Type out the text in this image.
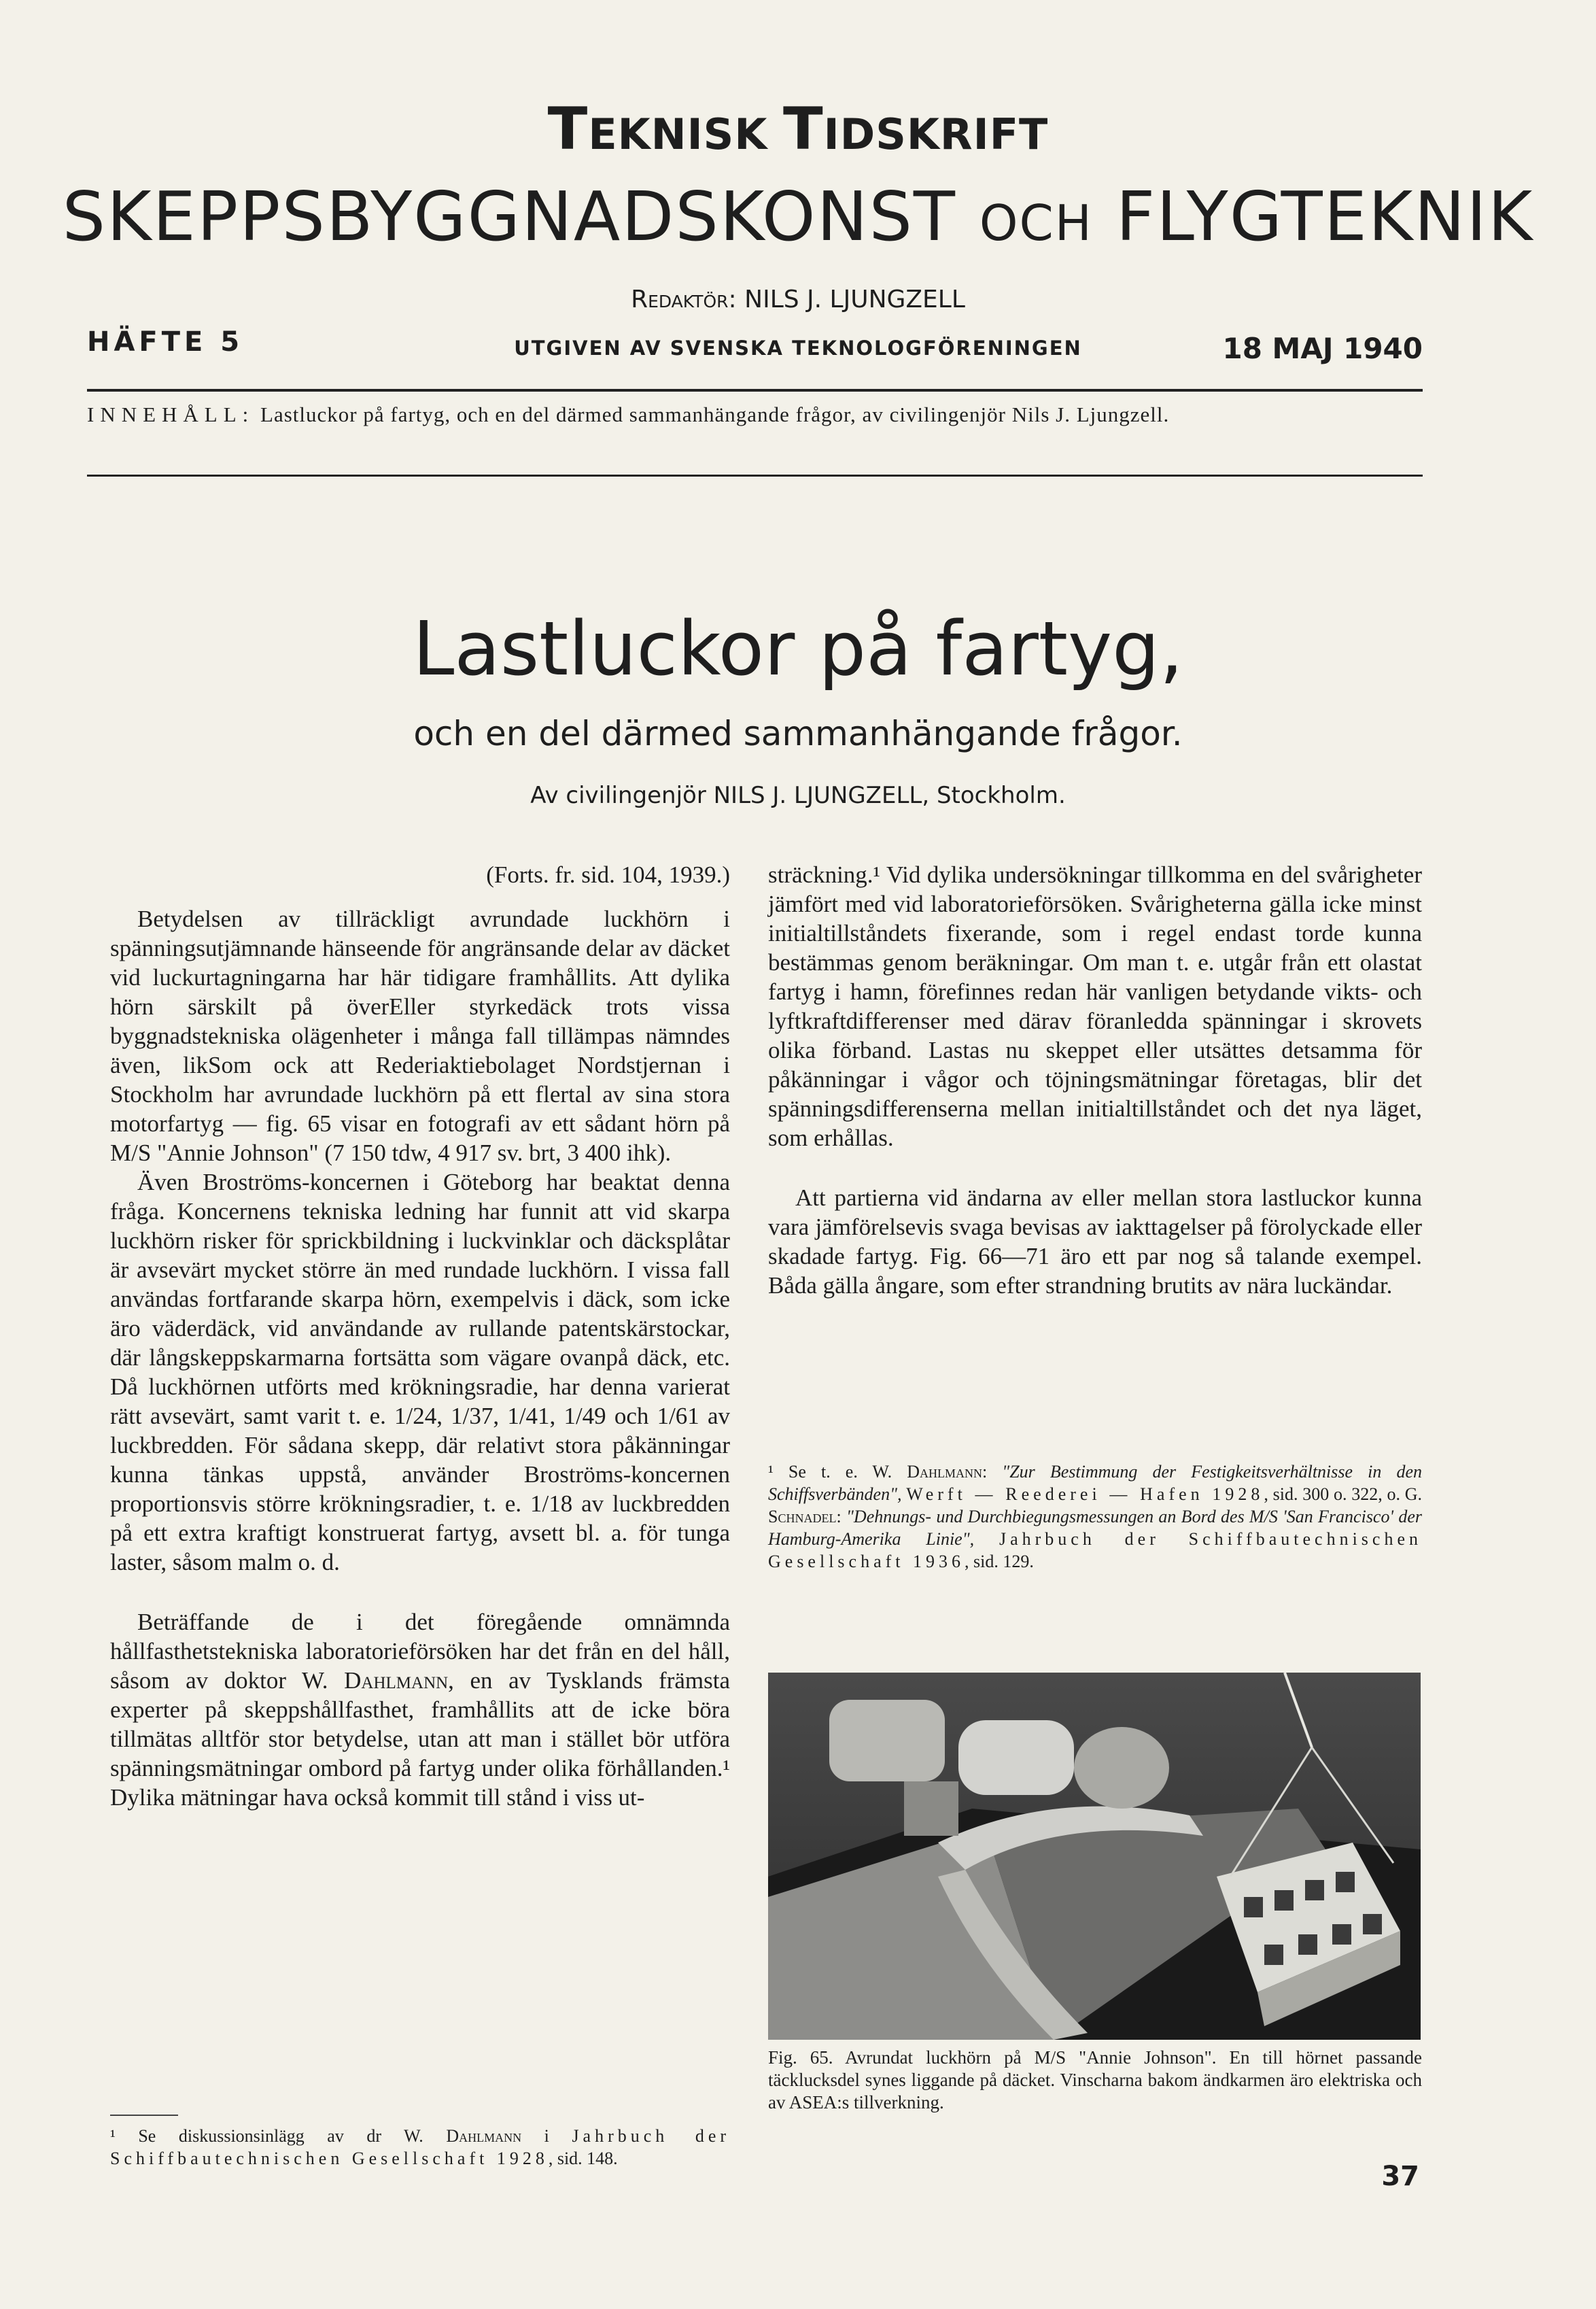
TEKNISK TIDSKRIFT
SKEPPSBYGGNADSKONST OCH FLYGTEKNIK
Redaktör: NILS J. LJUNGZELL
HÄFTE 5	UTGIVEN AV SVENSKA TEKNOLOGFÖRENINGEN	18 MAJ 1940
INNEHÅLL: Lastluckor på fartyg, och en del därmed sammanhängande frågor, av civilingenjör Nils J. Ljungzell.
Lastluckor på fartyg,
och en del därmed sammanhängande frågor.
Av civilingenjör NILS J. LJUNGZELL, Stockholm.

(Forts. fr. sid. 104, 1939.)

Betydelsen av tillräckligt avrundade luckhörn i spänningsutjämnande hänseende för angränsande delar av däcket vid luckurtagningarna har här tidigare framhållits. Att dylika hörn särskilt på överEller styrkedäck trots vissa byggnadstekniska olägenheter i många fall tillämpas nämndes även, likSom ock att Rederiaktiebolaget Nordstjernan i Stockholm har avrundade luckhörn på ett flertal av sina stora motorfartyg — fig. 65 visar en fotografi av ett sådant hörn på M/S "Annie Johnson" (7 150 tdw, 4 917 sv. brt, 3 400 ihk).

Även Broströms-koncernen i Göteborg har beaktat denna fråga. Koncernens tekniska ledning har funnit att vid skarpa luckhörn risker för sprickbildning i luckvinklar och däcksplåtar är avsevärt mycket större än med rundade luckhörn. I vissa fall användas fortfarande skarpa hörn, exempelvis i däck, som icke äro väderdäck, vid användande av rullande patentskärstockar, där långskeppskarmarna fortsätta som vägare ovanpå däck, etc. Då luckhörnen utförts med krökningsradie, har denna varierat rätt avsevärt, samt varit t. e. 1/24, 1/37, 1/41, 1/49 och 1/61 av luckbredden. För sådana skepp, där relativt stora påkänningar kunna tänkas uppstå, använder Broströms-koncernen proportionsvis större krökningsradier, t. e. 1/18 av luckbredden på ett extra kraftigt konstruerat fartyg, avsett bl. a. för tunga laster, såsom malm o. d.

Beträffande de i det föregående omnämnda hållfasthetstekniska laboratorieförsöken har det från en del håll, såsom av doktor W. Dahlmann, en av Tysklands främsta experter på skeppshållfasthet, framhållits att de icke böra tillmätas alltför stor betydelse, utan att man i stället bör utföra spänningsmätningar ombord på fartyg under olika förhållanden.¹ Dylika mätningar hava också kommit till stånd i viss ut-

sträckning.¹ Vid dylika undersökningar tillkomma en del svårigheter jämfört med vid laboratorieförsöken. Svårigheterna gälla icke minst initialtillståndets fixerande, som i regel endast torde kunna bestämmas genom beräkningar. Om man t. e. utgår från ett olastat fartyg i hamn, förefinnes redan här vanligen betydande vikts- och lyftkraftdifferenser med därav föranledda spänningar i skrovets olika förband. Lastas nu skeppet eller utsättes detsamma för påkänningar i vågor och töjningsmätningar företagas, blir det spänningsdifferenserna mellan initialtillståndet och det nya läget, som erhållas.

Att partierna vid ändarna av eller mellan stora lastluckor kunna vara jämförelsevis svaga bevisas av iakttagelser på förolyckade eller skadade fartyg. Fig. 66—71 äro ett par nog så talande exempel. Båda gälla ångare, som efter strandning brutits av nära luckändar.

¹ Se t. e. W. Dahlmann: "Zur Bestimmung der Festigkeitsverhältnisse in den Schiffsverbänden", Werft — Reederei — Hafen 1928, sid. 300 o. 322, o. G. Schnadel: "Dehnungs- und Durchbiegungsmessungen an Bord des M/S 'San Francisco' der Hamburg-Amerika Linie", Jahrbuch der Schiffbautechnischen Gesellschaft 1936, sid. 129.
Fig. 65. Avrundat luckhörn på M/S "Annie Johnson". En till hörnet passande täcklucksdel synes liggande på däcket. Vinscharna bakom ändkarmen äro elektriska och av ASEA:s tillverkning.
¹ Se diskussionsinlägg av dr W. Dahlmann i Jahrbuch der Schiffbautechnischen Gesellschaft 1928, sid. 148.
37
